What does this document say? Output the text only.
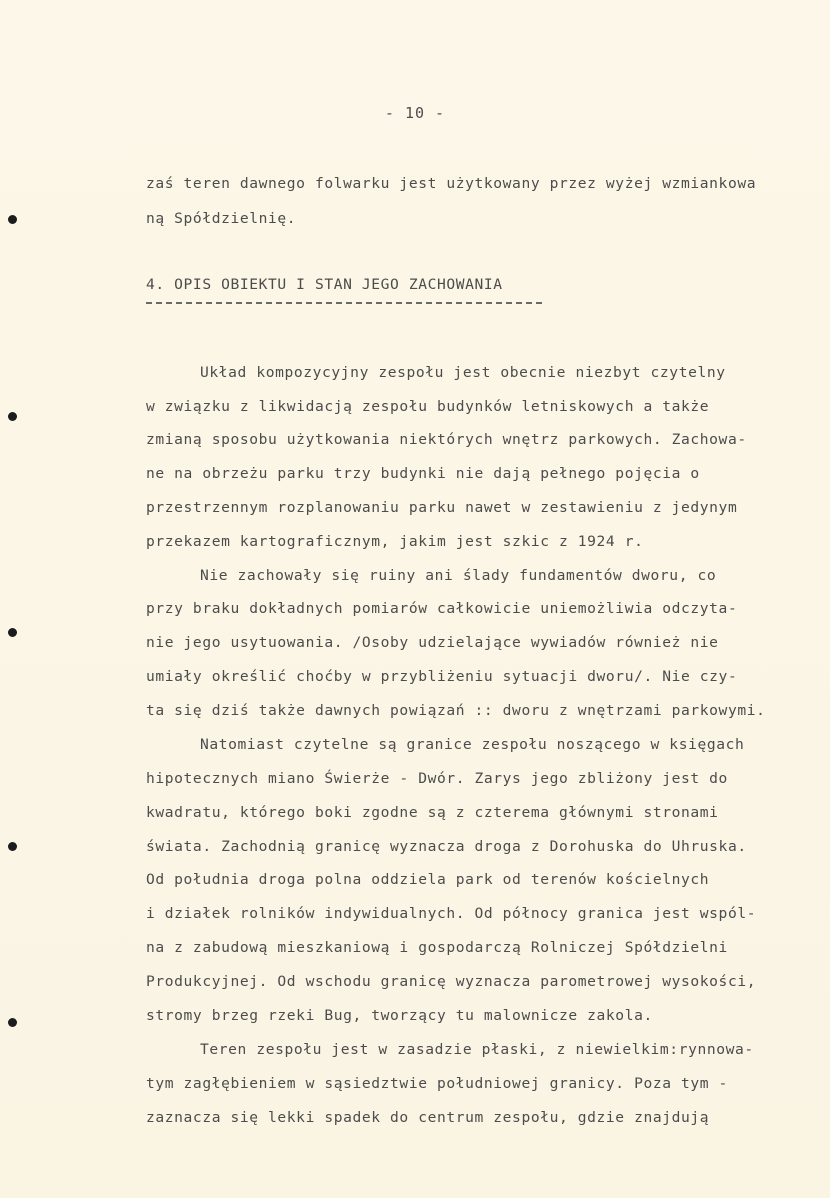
- 10 -
zaś teren dawnego folwarku jest użytkowany przez wyżej wzmiankowa
ną Spółdzielnię.
4. OPIS OBIEKTU I STAN JEGO ZACHOWANIA
Układ kompozycyjny zespołu jest obecnie niezbyt czytelny
w związku z likwidacją zespołu budynków letniskowych a także
zmianą sposobu użytkowania niektórych wnętrz parkowych. Zachowa-
ne na obrzeżu parku trzy budynki nie dają pełnego pojęcia o
przestrzennym rozplanowaniu parku nawet w zestawieniu z jedynym
przekazem kartograficznym, jakim jest szkic z 1924 r.
Nie zachowały się ruiny ani ślady fundamentów dworu, co
przy braku dokładnych pomiarów całkowicie uniemożliwia odczyta-
nie jego usytuowania. /Osoby udzielające wywiadów również nie
umiały określić choćby w przybliżeniu sytuacji dworu/. Nie czy-
ta się dziś także dawnych powiązań :: dworu z wnętrzami parkowymi.
Natomiast czytelne są granice zespołu noszącego w księgach
hipotecznych miano Świerże - Dwór. Zarys jego zbliżony jest do
kwadratu, którego boki zgodne są z czterema głównymi stronami
świata. Zachodnią granicę wyznacza droga z Dorohuska do Uhruska.
Od południa droga polna oddziela park od terenów kościelnych
i działek rolników indywidualnych. Od północy granica jest wspól-
na z zabudową mieszkaniową i gospodarczą Rolniczej Spółdzielni
Produkcyjnej. Od wschodu granicę wyznacza parometrowej wysokości,
stromy brzeg rzeki Bug, tworzący tu malownicze zakola.
Teren zespołu jest w zasadzie płaski, z niewielkim:rynnowa-
tym zagłębieniem w sąsiedztwie południowej granicy. Poza tym -
zaznacza się lekki spadek do centrum zespołu, gdzie znajdują
